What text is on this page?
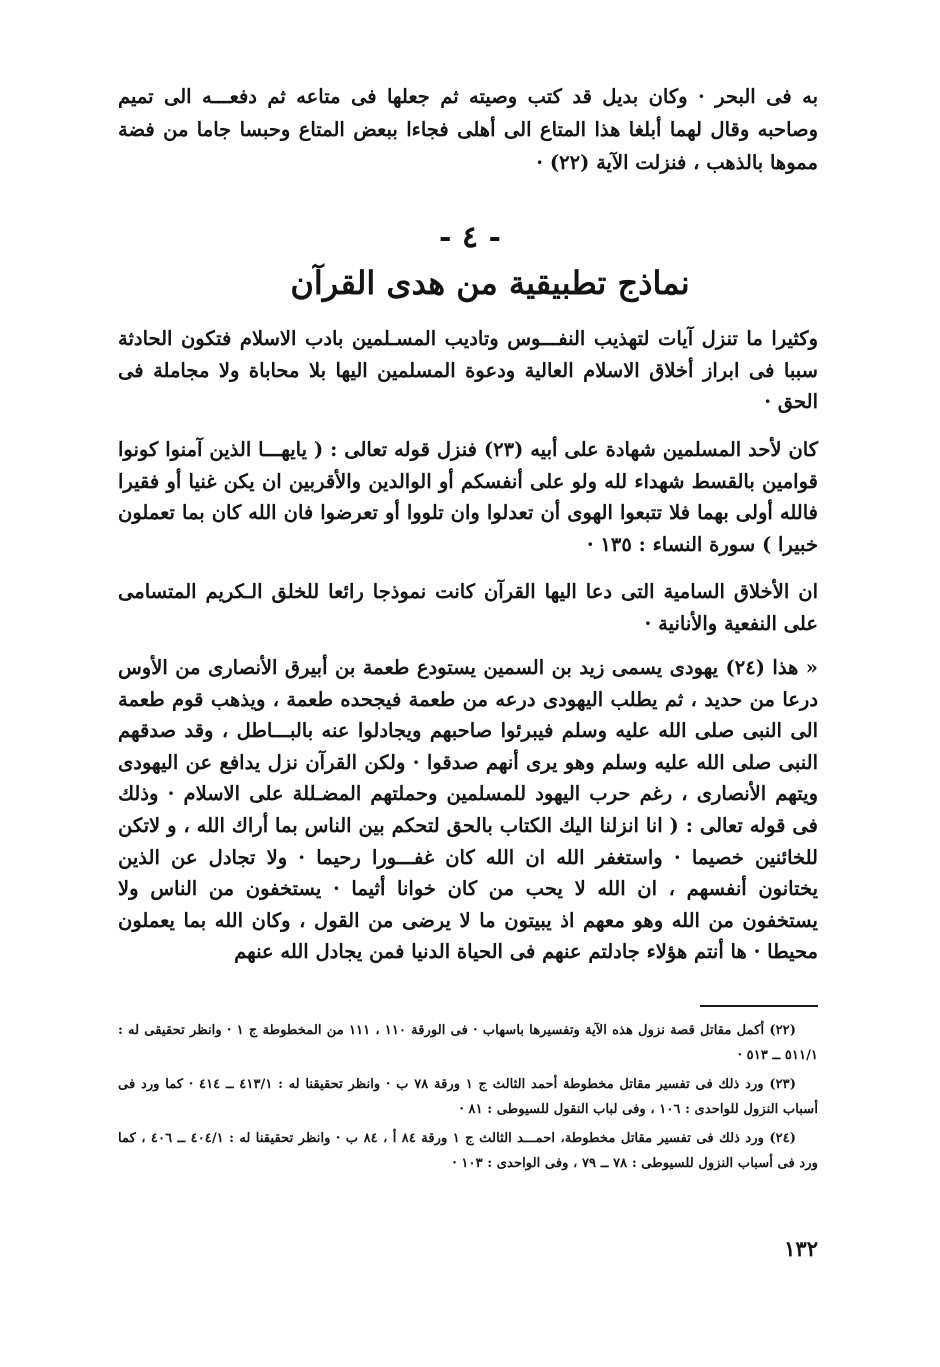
به فى البحر · وكان بديل قد كتب وصيته ثم جعلها فى متاعه ثم دفعـــه الى تميم وصاحبه وقال لهما أبلغا هذا المتاع الى أهلى فجاءا ببعض المتاع وحبسا جاما من فضة مموها بالذهب ، فنزلت الآية (٢٢) ·

- ٤ -
نماذج تطبيقية من هدى القرآن

وكثيرا ما تنزل آيات لتهذيب النفـــوس وتاديب المسـلمين بادب الاسلام فتكون الحادثة سببا فى ابراز أخلاق الاسلام العالية ودعوة المسلمين اليها بلا محاباة ولا مجاملة فى الحق ·

كان لأحد المسلمين شهادة على أبيه (٢٣) فنزل قوله تعالى : ( يايهـــا الذين آمنوا كونوا قوامين بالقسط شهداء لله ولو على أنفسكم أو الوالدين والأقربين ان يكن غنيا أو فقيرا فالله أولى بهما فلا تتبعوا الهوى أن تعدلوا وان تلووا أو تعرضوا فان الله كان بما تعملون خبيرا ) سورة النساء : ١٣٥ ·

ان الأخلاق السامية التى دعا اليها القرآن كانت نموذجا رائعا للخلق الـكريم المتسامى على النفعية والأنانية ·

« هذا (٢٤) يهودى يسمى زيد بن السمين يستودع طعمة بن أبيرق الأنصارى من الأوس درعا من حديد ، ثم يطلب اليهودى درعه من طعمة فيجحده طعمة ، ويذهب قوم طعمة الى النبى صلى الله عليه وسلم فيبرئوا صاحبهم ويجادلوا عنه بالبـــاطل ، وقد صدقهم النبى صلى الله عليه وسلم وهو يرى أنهم صدقوا · ولكن القرآن نزل يدافع عن اليهودى ويتهم الأنصارى ، رغم حرب اليهود للمسلمين وحملتهم المضـللة على الاسلام · وذلك فى قوله تعالى : ( انا انزلنا اليك الكتاب بالحق لتحكم بين الناس بما أراك الله ، و لاتكن للخائنين خصيما · واستغفر الله ان الله كان غفـــورا رحيما · ولا تجادل عن الذين يختانون أنفسهم ، ان الله لا يحب من كان خوانا أثيما · يستخفون من الناس ولا يستخفون من الله وهو معهم اذ يبيتون ما لا يرضى من القول ، وكان الله بما يعملون محيطا · ها أنتم هؤلاء جادلتم عنهم فى الحياة الدنيا فمن يجادل الله عنهم

(٢٢) أكمل مقاتل قصة نزول هذه الآية وتفسيرها باسهاب · فى الورقة ١١٠ ، ١١١ من المخطوطة ج ١ · وانظر تحقيقى له : ٥١١/١ ــ ٥١٣ ·
(٢٣) ورد ذلك فى تفسير مقاتل مخطوطة أحمد الثالث ج ١ ورقة ٧٨ ب · وانظر تحقيقنا له : ٤١٣/١ ــ ٤١٤ · كما ورد فى أسباب النزول للواحدى : ١٠٦ ، وفى لباب النقول للسيوطى : ٨١ ·
(٢٤) ورد ذلك فى تفسير مقاتل مخطوطة، احمـــد الثالث ج ١ ورقة ٨٤ أ ، ٨٤ ب · وانظر تحقيقنا له : ٤٠٤/١ ــ ٤٠٦ ، كما ورد فى أسباب النزول للسيوطى : ٧٨ ــ ٧٩ ، وفى الواحدى : ١٠٣ ·

١٣٢
